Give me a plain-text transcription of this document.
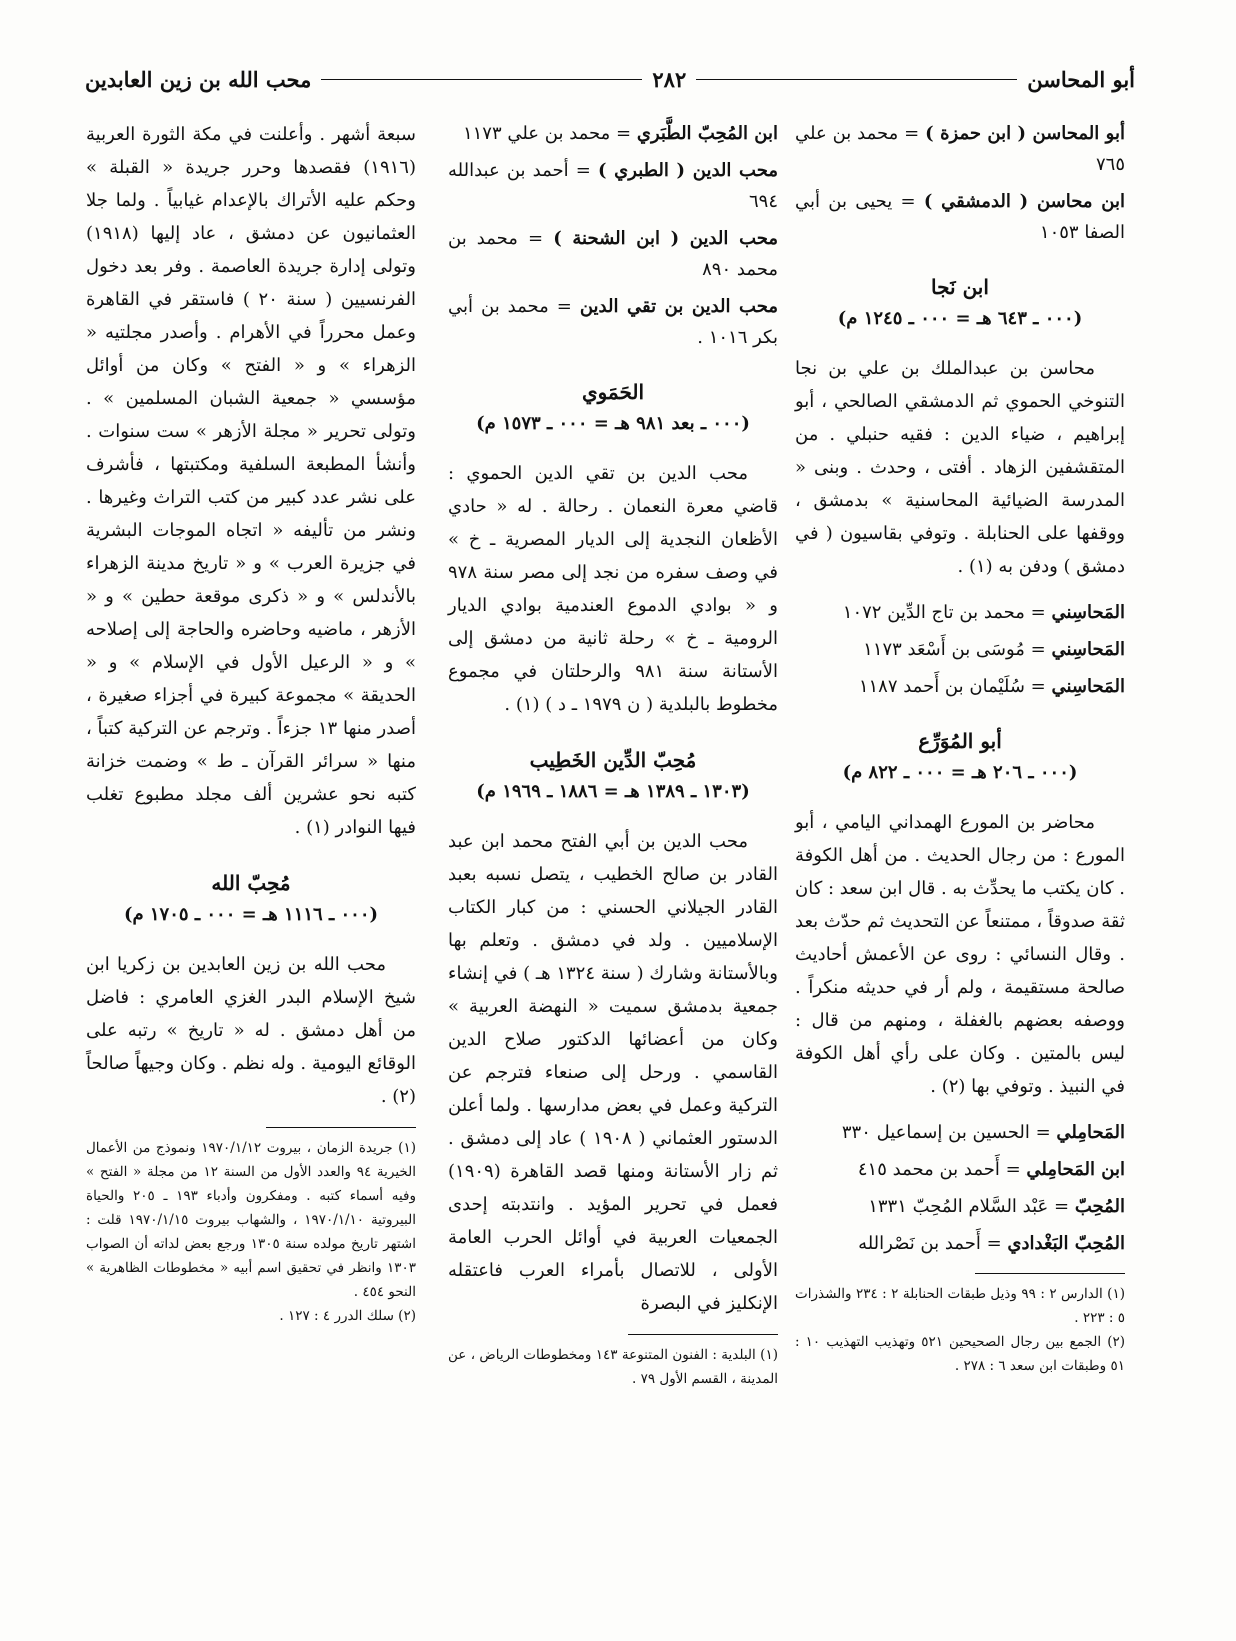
أبو المحاسن
٢٨٢
محب الله بن زين العابدين

أبو المحاسن ( ابن حمزة ) = محمد بن علي ٧٦٥

ابن محاسن ( الدمشقي ) = يحيى بن أبي الصفا ١٠٥٣

ابن نَجا
(٠٠٠ ـ ٦٤٣ هـ = ٠٠٠ ـ ١٢٤٥ م)

محاسن بن عبدالملك بن علي بن نجا التنوخي الحموي ثم الدمشقي الصالحي ، أبو إبراهيم ، ضياء الدين : فقيه حنبلي . من المتقشفين الزهاد . أفتى ، وحدث . وبنى « المدرسة الضيائية المحاسنية » بدمشق ، ووقفها على الحنابلة . وتوفي بقاسيون ( في دمشق ) ودفن به (١) .

المَحاسِني = محمد بن تاج الدِّين ١٠٧٢

المَحاسِني = مُوسَى بن أَسْعَد ١١٧٣

المَحاسِني = سُلَيْمان بن أَحمد ١١٨٧

أبو المُوَرِّع
(٠٠٠ ـ ٢٠٦ هـ = ٠٠٠ ـ ٨٢٢ م)

محاضر بن المورع الهمداني اليامي ، أبو المورع : من رجال الحديث . من أهل الكوفة . كان يكتب ما يحدِّث به . قال ابن سعد : كان ثقة صدوقاً ، ممتنعاً عن التحديث ثم حدّث بعد . وقال النسائي : روى عن الأعمش أحاديث صالحة مستقيمة ، ولم أر في حديثه منكراً . ووصفه بعضهم بالغفلة ، ومنهم من قال : ليس بالمتين . وكان على رأي أهل الكوفة في النبيذ . وتوفي بها (٢) .

المَحامِلي = الحسين بن إسماعيل ٣٣٠

ابن المَحامِلي = أَحمد بن محمد ٤١٥

المُحِبّ = عَبْد السَّلام المُحِبّ ١٣٣١

المُحِبّ البَغْدادي = أَحمد بن نَصْرالله

(١) الدارس ٢ : ٩٩ وذيل طبقات الحنابلة ٢ : ٢٣٤ والشذرات ٥ : ٢٢٣ .

(٢) الجمع بين رجال الصحيحين ٥٢١ وتهذيب التهذيب ١٠ : ٥١ وطبقات ابن سعد ٦ : ٢٧٨ .

ابن المُحِبّ الطَّبَري = محمد بن علي ١١٧٣

محب الدين ( الطبري ) = أحمد بن عبدالله ٦٩٤

محب الدين ( ابن الشحنة ) = محمد بن محمد ٨٩٠

محب الدين بن تقي الدين = محمد بن أبي بكر ١٠١٦ .

الحَمَوي
(٠٠٠ ـ بعد ٩٨١ هـ = ٠٠٠ ـ ١٥٧٣ م)

محب الدين بن تقي الدين الحموي : قاضي معرة النعمان . رحالة . له « حادي الأظعان النجدية إلى الديار المصرية ـ خ » في وصف سفره من نجد إلى مصر سنة ٩٧٨ و « بوادي الدموع العندمية بوادي الديار الرومية ـ خ » رحلة ثانية من دمشق إلى الأستانة سنة ٩٨١ والرحلتان في مجموع مخطوط بالبلدية ( ن ١٩٧٩ ـ د ) (١) .

مُحِبّ الدِّين الخَطِيب
(١٣٠٣ ـ ١٣٨٩ هـ = ١٨٨٦ ـ ١٩٦٩ م)

محب الدين بن أبي الفتح محمد ابن عبد القادر بن صالح الخطيب ، يتصل نسبه بعبد القادر الجيلاني الحسني : من كبار الكتاب الإسلاميين . ولد في دمشق . وتعلم بها وبالأستانة وشارك ( سنة ١٣٢٤ هـ ) في إنشاء جمعية بدمشق سميت « النهضة العربية » وكان من أعضائها الدكتور صلاح الدين القاسمي . ورحل إلى صنعاء فترجم عن التركية وعمل في بعض مدارسها . ولما أعلن الدستور العثماني ( ١٩٠٨ ) عاد إلى دمشق . ثم زار الأستانة ومنها قصد القاهرة (١٩٠٩) فعمل في تحرير المؤيد . وانتدبته إحدى الجمعيات العربية في أوائل الحرب العامة الأولى ، للاتصال بأمراء العرب فاعتقله الإنكليز في البصرة

(١) البلدية : الفنون المتنوعة ١٤٣ ومخطوطات الرياض ، عن المدينة ، القسم الأول ٧٩ .

سبعة أشهر . وأعلنت في مكة الثورة العربية (١٩١٦) فقصدها وحرر جريدة « القبلة » وحكم عليه الأتراك بالإعدام غيابياً . ولما جلا العثمانيون عن دمشق ، عاد إليها (١٩١٨) وتولى إدارة جريدة العاصمة . وفر بعد دخول الفرنسيين ( سنة ٢٠ ) فاستقر في القاهرة وعمل محرراً في الأهرام . وأصدر مجلتيه « الزهراء » و « الفتح » وكان من أوائل مؤسسي « جمعية الشبان المسلمين » . وتولى تحرير « مجلة الأزهر » ست سنوات . وأنشأ المطبعة السلفية ومكتبتها ، فأشرف على نشر عدد كبير من كتب التراث وغيرها . ونشر من تأليفه « اتجاه الموجات البشرية في جزيرة العرب » و « تاريخ مدينة الزهراء بالأندلس » و « ذكرى موقعة حطين » و « الأزهر ، ماضيه وحاضره والحاجة إلى إصلاحه » و « الرعيل الأول في الإسلام » و « الحديقة » مجموعة كبيرة في أجزاء صغيرة ، أصدر منها ١٣ جزءاً . وترجم عن التركية كتباً ، منها « سرائر القرآن ـ ط » وضمت خزانة كتبه نحو عشرين ألف مجلد مطبوع تغلب فيها النوادر (١) .

مُحِبّ الله
(٠٠٠ ـ ١١١٦ هـ = ٠٠٠ ـ ١٧٠٥ م)

محب الله بن زين العابدين بن زكريا ابن شيخ الإسلام البدر الغزي العامري : فاضل من أهل دمشق . له « تاريخ » رتبه على الوقائع اليومية . وله نظم . وكان وجيهاً صالحاً (٢) .

(١) جريدة الزمان ، بيروت ١٩٧٠/١/١٢ ونموذج من الأعمال الخيرية ٩٤ والعدد الأول من السنة ١٢ من مجلة « الفتح » وفيه أسماء كتبه . ومفكرون وأدباء ١٩٣ ـ ٢٠٥ والحياة البيروتية ١٩٧٠/١/١٠ ، والشهاب بيروت ١٩٧٠/١/١٥ قلت : اشتهر تاريخ مولده سنة ١٣٠٥ ورجع بعض لداته أن الصواب ١٣٠٣ وانظر في تحقيق اسم أبيه « مخطوطات الظاهرية » النحو ٤٥٤ .

(٢) سلك الدرر ٤ : ١٢٧ .
